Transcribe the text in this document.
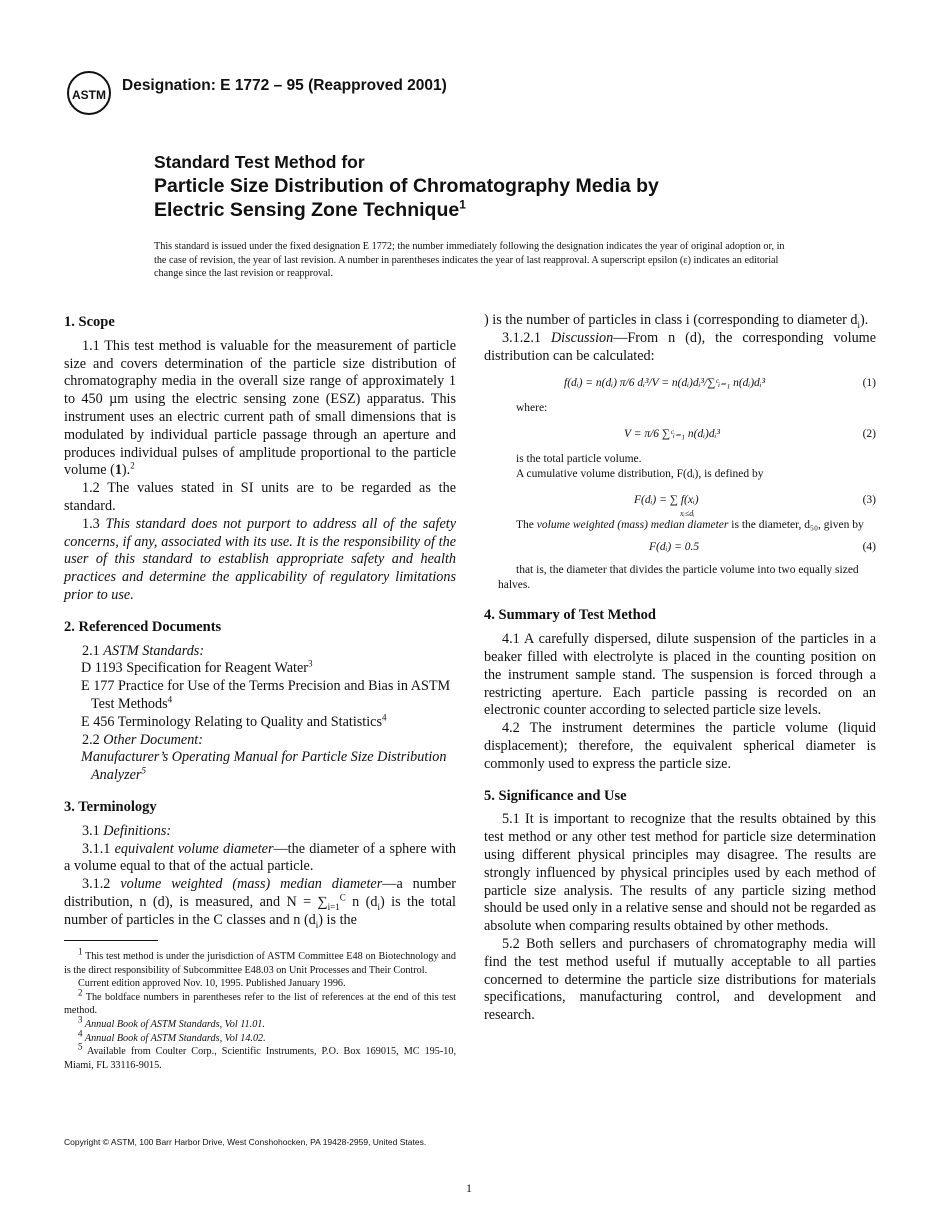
ASTM
Designation: E 1772 – 95 (Reapproved 2001)
Standard Test Method for
Particle Size Distribution of Chromatography Media by
Electric Sensing Zone Technique$^1$
This standard is issued under the fixed designation E 1772; the number immediately following the designation indicates the year of original adoption or, in the case of revision, the year of last revision. A number in parentheses indicates the year of last reapproval. A superscript epsilon (ε) indicates an editorial change since the last revision or reapproval.
1. Scope

1.1 This test method is valuable for the measurement of particle size and covers determination of the particle size distribution of chromatography media in the overall size range of approximately 1 to 450 µm using the electric sensing zone (ESZ) apparatus. This instrument uses an electric current path of small dimensions that is modulated by individual particle passage through an aperture and produces individual pulses of amplitude proportional to the particle volume (1).$^2$

1.2 The values stated in SI units are to be regarded as the standard.

1.3 This standard does not purport to address all of the safety concerns, if any, associated with its use. It is the responsibility of the user of this standard to establish appropriate safety and health practices and determine the applicability of regulatory limitations prior to use.

2. Referenced Documents

2.1 ASTM Standards:

D 1193 Specification for Reagent Water$^3$

E 177 Practice for Use of the Terms Precision and Bias in ASTM Test Methods$^4$

E 456 Terminology Relating to Quality and Statistics$^4$

2.2 Other Document:

Manufacturer’s Operating Manual for Particle Size Distribution Analyzer$^5$

3. Terminology

3.1 Definitions:

3.1.1 equivalent volume diameter—the diameter of a sphere with a volume equal to that of the actual particle.

3.1.2 volume weighted (mass) median diameter—a number distribution, n (d), is measured, and $N = \sum_{i=1}^C$ n $(d_i)$ is the total number of particles in the C classes and n $(d_i)$ is the

$^1$ This test method is under the jurisdiction of ASTM Committee E48 on Biotechnology and is the direct responsibility of Subcommittee E48.03 on Unit Processes and Their Control.

Current edition approved Nov. 10, 1995. Published January 1996.

$^2$ The boldface numbers in parentheses refer to the list of references at the end of this test method.

$^3$ Annual Book of ASTM Standards, Vol 11.01.

$^4$ Annual Book of ASTM Standards, Vol 14.02.

$^5$ Available from Coulter Corp., Scientific Instruments, P.O. Box 169015, MC 195-10, Miami, FL 33116-9015.

) is the number of particles in class i (corresponding to diameter $d_i$).

3.1.2.1 Discussion—From n (d), the corresponding volume distribution can be calculated:

f(dᵢ) = n(dᵢ) π/6 dᵢ³/V = n(dᵢ)dᵢ³/∑ᶜᵢ₌₁ n(dᵢ)dᵢ³	(1)

where:

V = π/6 ∑ᶜᵢ₌₁ n(dᵢ)dᵢ³	(2)

is the total particle volume.

A cumulative volume distribution, F(dᵢ), is defined by

F(dᵢ) = ∑ f(xᵢ)
xᵢ≤dᵢ
(3)

The volume weighted (mass) median diameter is the diameter, d₅₀, given by

F(dᵢ) = 0.5	(4)

that is, the diameter that divides the particle volume into two equally sized halves.

4. Summary of Test Method

4.1 A carefully dispersed, dilute suspension of the particles in a beaker filled with electrolyte is placed in the counting position on the instrument sample stand. The suspension is forced through a restricting aperture. Each particle passing is recorded on an electronic counter according to selected particle size levels.

4.2 The instrument determines the particle volume (liquid displacement); therefore, the equivalent spherical diameter is commonly used to express the particle size.

5. Significance and Use

5.1 It is important to recognize that the results obtained by this test method or any other test method for particle size determination using different physical principles may disagree. The results are strongly influenced by physical principles used by each method of particle size analysis. The results of any particle sizing method should be used only in a relative sense and should not be regarded as absolute when comparing results obtained by other methods.

5.2 Both sellers and purchasers of chromatography media will find the test method useful if mutually acceptable to all parties concerned to determine the particle size distributions for materials specifications, manufacturing control, and development and research.

Copyright © ASTM, 100 Barr Harbor Drive, West Conshohocken, PA 19428-2959, United States.
1
